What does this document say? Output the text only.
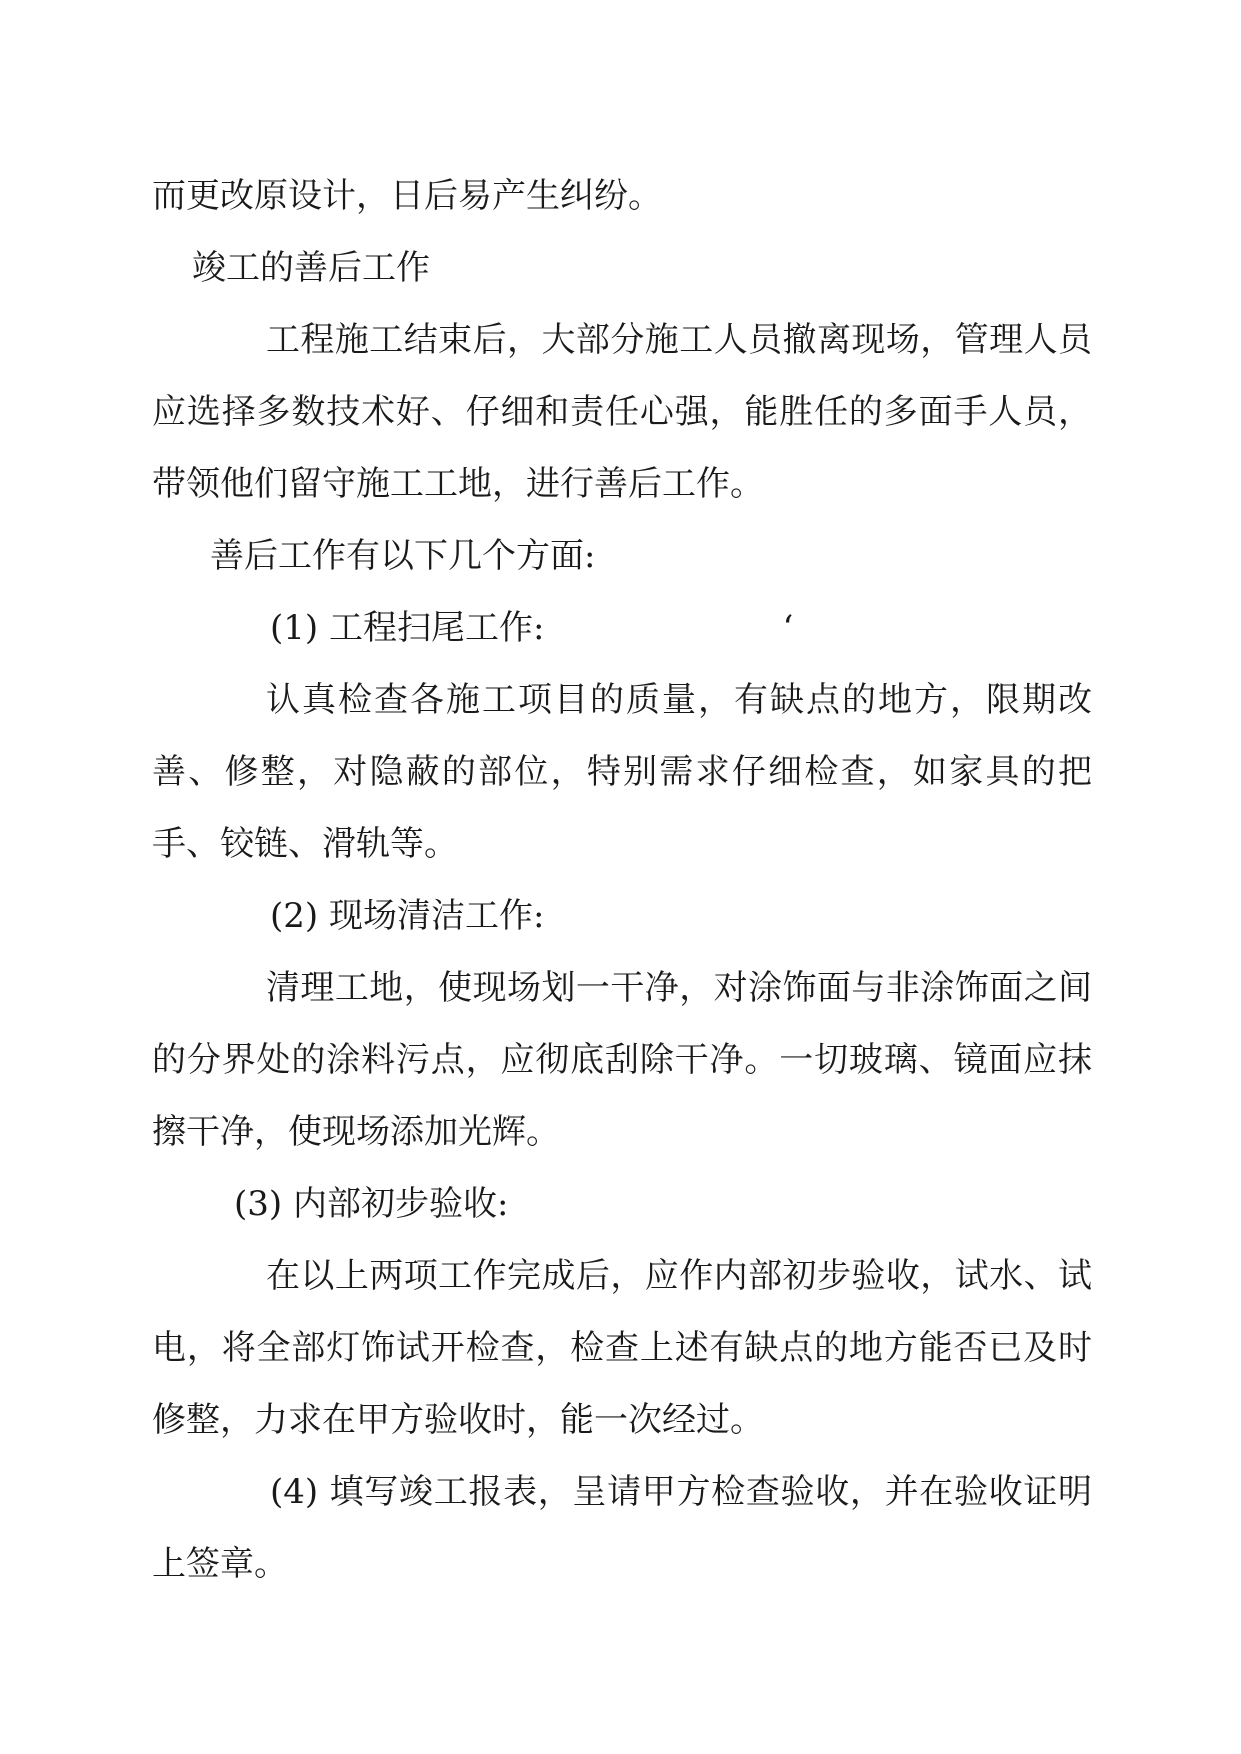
而更改原设计，日后易产生纠纷。

竣工的善后工作

工程施工结束后，大部分施工人员撤离现场，管理人员应选择多数技术好、仔细和责任心强，能胜任的多面手人员，带领他们留守施工工地，进行善后工作。

善后工作有以下几个方面:

(1) 工程扫尾工作:	‘

认真检查各施工项目的质量，有缺点的地方，限期改善、修整，对隐蔽的部位，特别需求仔细检查，如家具的把手、铰链、滑轨等。

(2) 现场清洁工作:

清理工地，使现场划一干净，对涂饰面与非涂饰面之间的分界处的涂料污点，应彻底刮除干净。一切玻璃、镜面应抹擦干净，使现场添加光辉。

(3) 内部初步验收:

在以上两项工作完成后，应作内部初步验收，试水、试电，将全部灯饰试开检查，检查上述有缺点的地方能否已及时修整，力求在甲方验收时，能一次经过。

(4) 填写竣工报表，呈请甲方检查验收，并在验收证明上签章。
